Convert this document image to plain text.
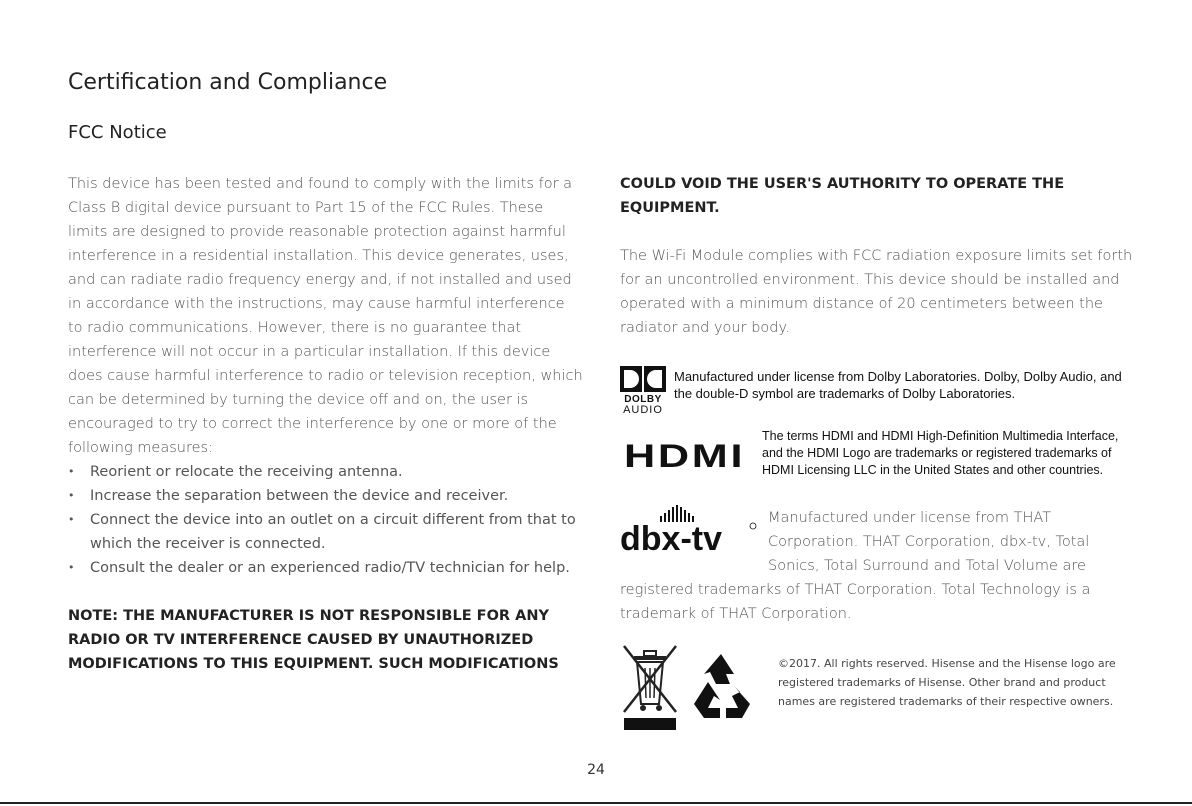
Certification and Compliance
FCC Notice

This device has been tested and found to comply with the limits for a Class B digital device pursuant to Part 15 of the FCC Rules. These limits are designed to provide reasonable protection against harmful interference in a residential installation. This device generates, uses, and can radiate radio frequency energy and, if not installed and used in accordance with the instructions, may cause harmful interference to radio communications. However, there is no guarantee that interference will not occur in a particular installation. If this device does cause harmful interference to radio or television reception, which can be determined by turning the device off and on, the user is encouraged to try to correct the interference by one or more of the following measures:

• Reorient or relocate the receiving antenna.
• Increase the separation between the device and receiver.
• Connect the device into an outlet on a circuit different from that to which the receiver is connected.
• Consult the dealer or an experienced radio/TV technician for help.

NOTE: THE MANUFACTURER IS NOT RESPONSIBLE FOR ANY RADIO OR TV INTERFERENCE CAUSED BY UNAUTHORIZED MODIFICATIONS TO THIS EQUIPMENT. SUCH MODIFICATIONS

COULD VOID THE USER'S AUTHORITY TO OPERATE THE EQUIPMENT.

The Wi-Fi Module complies with FCC radiation exposure limits set forth for an uncontrolled environment. This device should be installed and operated with a minimum distance of 20 centimeters between the radiator and your body.

DOLBY
AUDIO
Manufactured under license from Dolby Laboratories. Dolby, Dolby Audio, and the double-D symbol are trademarks of Dolby Laboratories.
HDMI
The terms HDMI and HDMI High-Definition Multimedia Interface, and the HDMI Logo are trademarks or registered trademarks of HDMI Licensing LLC in the United States and other countries.
dbx-tv
Manufactured under license from THAT Corporation. THAT Corporation, dbx-tv, Total Sonics, Total Surround and Total Volume are

registered trademarks of THAT Corporation. Total Technology is a trademark of THAT Corporation.

©2017. All rights reserved. Hisense and the Hisense logo are registered trademarks of Hisense. Other brand and product names are registered trademarks of their respective owners.

24
